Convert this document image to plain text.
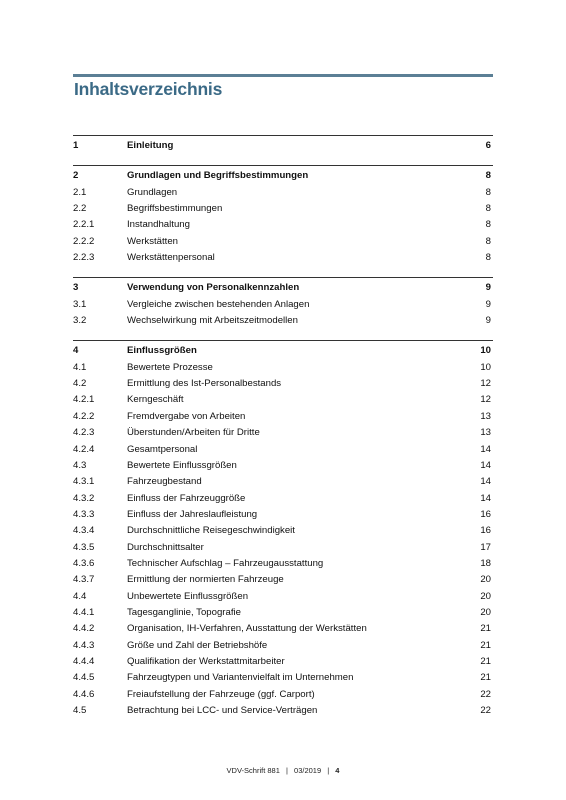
Inhaltsverzeichnis
1	Einleitung	6
2	Grundlagen und Begriffsbestimmungen	8
2.1	Grundlagen	8
2.2	Begriffsbestimmungen	8
2.2.1	Instandhaltung	8
2.2.2	Werkstätten	8
2.2.3	Werkstättenpersonal	8
3	Verwendung von Personalkennzahlen	9
3.1	Vergleiche zwischen bestehenden Anlagen	9
3.2	Wechselwirkung mit Arbeitszeitmodellen	9
4	Einflussgrößen	10
4.1	Bewertete Prozesse	10
4.2	Ermittlung des Ist-Personalbestands	12
4.2.1	Kerngeschäft	12
4.2.2	Fremdvergabe von Arbeiten	13
4.2.3	Überstunden/Arbeiten für Dritte	13
4.2.4	Gesamtpersonal	14
4.3	Bewertete Einflussgrößen	14
4.3.1	Fahrzeugbestand	14
4.3.2	Einfluss der Fahrzeuggröße	14
4.3.3	Einfluss der Jahreslaufleistung	16
4.3.4	Durchschnittliche Reisegeschwindigkeit	16
4.3.5	Durchschnittsalter	17
4.3.6	Technischer Aufschlag – Fahrzeugausstattung	18
4.3.7	Ermittlung der normierten Fahrzeuge	20
4.4	Unbewertete Einflussgrößen	20
4.4.1	Tagesganglinie, Topografie	20
4.4.2	Organisation, IH-Verfahren, Ausstattung der Werkstätten	21
4.4.3	Größe und Zahl der Betriebshöfe	21
4.4.4	Qualifikation der Werkstattmitarbeiter	21
4.4.5	Fahrzeugtypen und Variantenvielfalt im Unternehmen	21
4.4.6	Freiaufstellung der Fahrzeuge (ggf. Carport)	22
4.5	Betrachtung bei LCC- und Service-Verträgen	22
VDV-Schrift 881 | 03/2019 | 4
